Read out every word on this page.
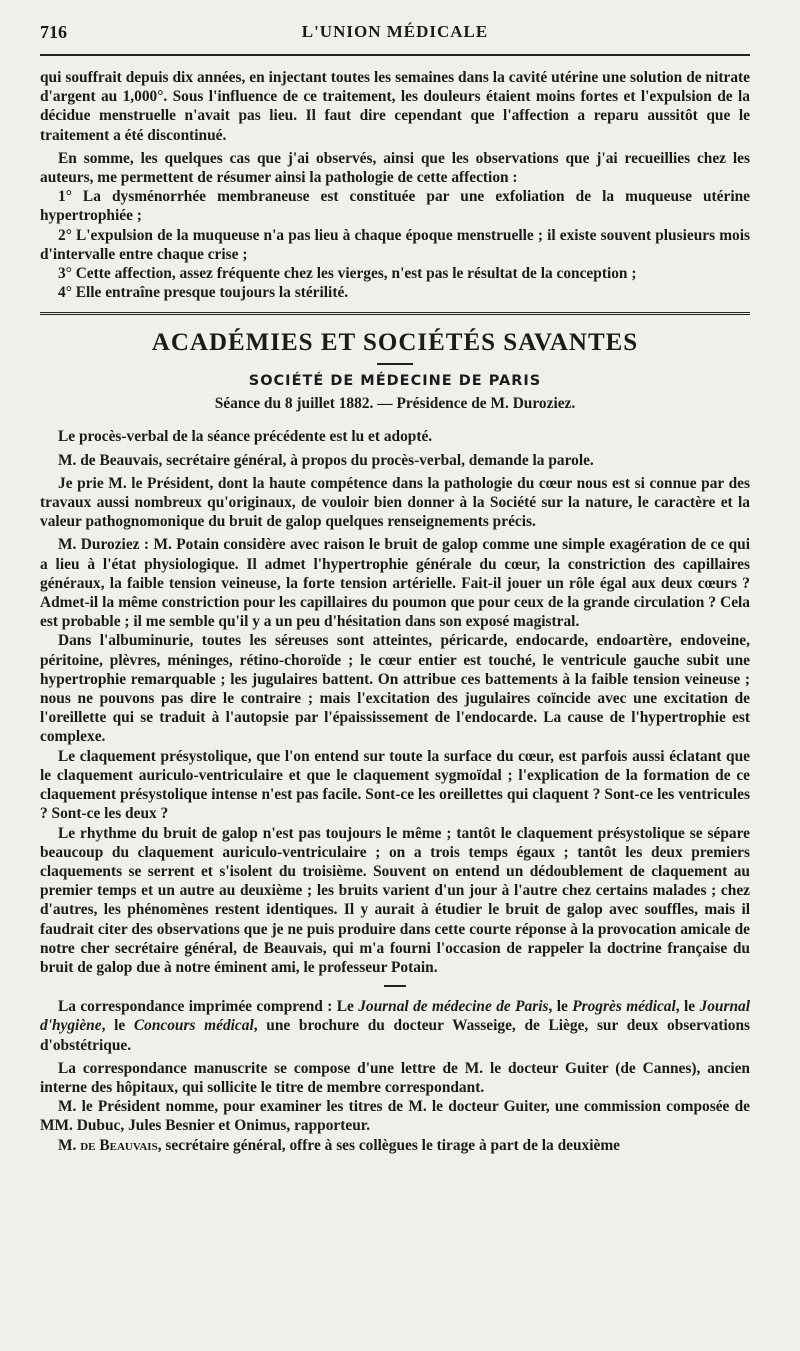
716	L'UNION MÉDICALE

qui souffrait depuis dix années, en injectant toutes les semaines dans la cavité utérine une solution de nitrate d'argent au 1,000°. Sous l'influence de ce traitement, les douleurs étaient moins fortes et l'expulsion de la décidue menstruelle n'avait pas lieu. Il faut dire cependant que l'affection a reparu aussitôt que le traitement a été discontinué.

En somme, les quelques cas que j'ai observés, ainsi que les observations que j'ai recueillies chez les auteurs, me permettent de résumer ainsi la pathologie de cette affection :

1° La dysménorrhée membraneuse est constituée par une exfoliation de la muqueuse utérine hypertrophiée ;

2° L'expulsion de la muqueuse n'a pas lieu à chaque époque menstruelle ; il existe souvent plusieurs mois d'intervalle entre chaque crise ;

3° Cette affection, assez fréquente chez les vierges, n'est pas le résultat de la conception ;

4° Elle entraîne presque toujours la stérilité.

ACADÉMIES ET SOCIÉTÉS SAVANTES
SOCIÉTÉ DE MÉDECINE DE PARIS
Séance du 8 juillet 1882. — Présidence de M. Duroziez.

Le procès-verbal de la séance précédente est lu et adopté.

M. de Beauvais, secrétaire général, à propos du procès-verbal, demande la parole.

Je prie M. le Président, dont la haute compétence dans la pathologie du cœur nous est si connue par des travaux aussi nombreux qu'originaux, de vouloir bien donner à la Société sur la nature, le caractère et la valeur pathognomonique du bruit de galop quelques renseignements précis.

M. Duroziez : M. Potain considère avec raison le bruit de galop comme une simple exagération de ce qui a lieu à l'état physiologique. Il admet l'hypertrophie générale du cœur, la constriction des capillaires généraux, la faible tension veineuse, la forte tension artérielle. Fait-il jouer un rôle égal aux deux cœurs ? Admet-il la même constriction pour les capillaires du poumon que pour ceux de la grande circulation ? Cela est probable ; il me semble qu'il y a un peu d'hésitation dans son exposé magistral.

Dans l'albuminurie, toutes les séreuses sont atteintes, péricarde, endocarde, endoartère, endoveine, péritoine, plèvres, méninges, rétino-choroïde ; le cœur entier est touché, le ventricule gauche subit une hypertrophie remarquable ; les jugulaires battent. On attribue ces battements à la faible tension veineuse ; nous ne pouvons pas dire le contraire ; mais l'excitation des jugulaires coïncide avec une excitation de l'oreillette qui se traduit à l'autopsie par l'épaississement de l'endocarde. La cause de l'hypertrophie est complexe.

Le claquement présystolique, que l'on entend sur toute la surface du cœur, est parfois aussi éclatant que le claquement auriculo-ventriculaire et que le claquement sygmoïdal ; l'explication de la formation de ce claquement présystolique intense n'est pas facile. Sont-ce les oreillettes qui claquent ? Sont-ce les ventricules ? Sont-ce les deux ?

Le rhythme du bruit de galop n'est pas toujours le même ; tantôt le claquement présystolique se sépare beaucoup du claquement auriculo-ventriculaire ; on a trois temps égaux ; tantôt les deux premiers claquements se serrent et s'isolent du troisième. Souvent on entend un dédoublement de claquement au premier temps et un autre au deuxième ; les bruits varient d'un jour à l'autre chez certains malades ; chez d'autres, les phénomènes restent identiques. Il y aurait à étudier le bruit de galop avec souffles, mais il faudrait citer des observations que je ne puis produire dans cette courte réponse à la provocation amicale de notre cher secrétaire général, de Beauvais, qui m'a fourni l'occasion de rappeler la doctrine française du bruit de galop due à notre éminent ami, le professeur Potain.

La correspondance imprimée comprend : Le Journal de médecine de Paris, le Progrès médical, le Journal d'hygiène, le Concours médical, une brochure du docteur Wasseige, de Liège, sur deux observations d'obstétrique.

La correspondance manuscrite se compose d'une lettre de M. le docteur Guiter (de Cannes), ancien interne des hôpitaux, qui sollicite le titre de membre correspondant.

M. le Président nomme, pour examiner les titres de M. le docteur Guiter, une commission composée de MM. Dubuc, Jules Besnier et Onimus, rapporteur.

M. de Beauvais, secrétaire général, offre à ses collègues le tirage à part de la deuxième
